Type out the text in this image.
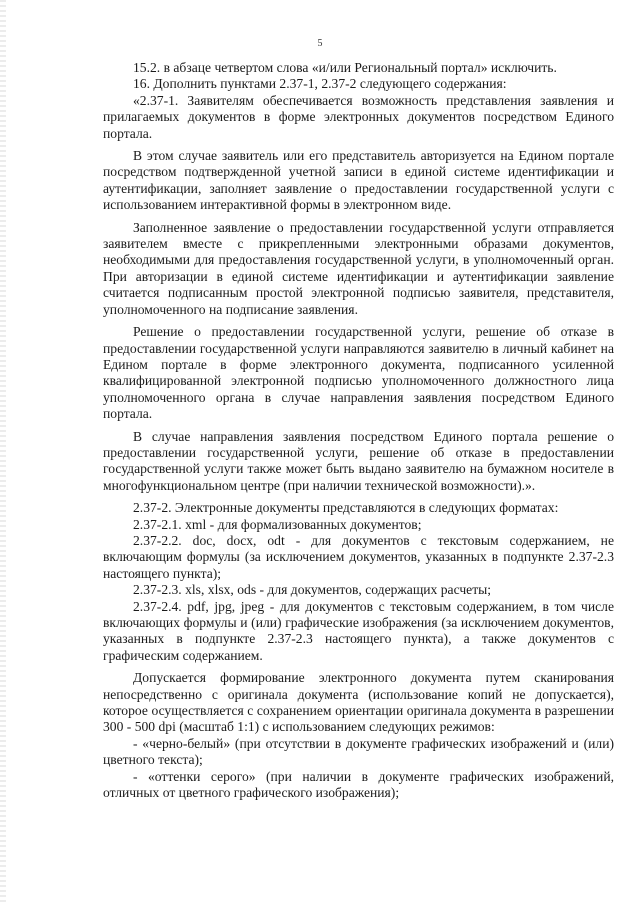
5

15.2. в абзаце четвертом слова «и/или Региональный портал» исключить.

16. Дополнить пунктами 2.37-1, 2.37-2 следующего содержания:

«2.37-1. Заявителям обеспечивается возможность представления заявления и прилагаемых документов в форме электронных документов посредством Единого портала.

В этом случае заявитель или его представитель авторизуется на Едином портале посредством подтвержденной учетной записи в единой системе идентификации и аутентификации, заполняет заявление о предоставлении государственной услуги с использованием интерактивной формы в электронном виде.

Заполненное заявление о предоставлении государственной услуги отправляется заявителем вместе с прикрепленными электронными образами документов, необходимыми для предоставления государственной услуги, в уполномоченный орган. При авторизации в единой системе идентификации и аутентификации заявление считается подписанным простой электронной подписью заявителя, представителя, уполномоченного на подписание заявления.

Решение о предоставлении государственной услуги, решение об отказе в предоставлении государственной услуги направляются заявителю в личный кабинет на Едином портале в форме электронного документа, подписанного усиленной квалифицированной электронной подписью уполномоченного должностного лица уполномоченного органа в случае направления заявления посредством Единого портала.

В случае направления заявления посредством Единого портала решение о предоставлении государственной услуги, решение об отказе в предоставлении государственной услуги также может быть выдано заявителю на бумажном носителе в многофункциональном центре (при наличии технической возможности).».

2.37-2. Электронные документы представляются в следующих форматах:

2.37-2.1. xml - для формализованных документов;

2.37-2.2. doc, docx, odt - для документов с текстовым содержанием, не включающим формулы (за исключением документов, указанных в подпункте 2.37-2.3 настоящего пункта);

2.37-2.3. xls, xlsx, ods - для документов, содержащих расчеты;

2.37-2.4. pdf, jpg, jpeg - для документов с текстовым содержанием, в том числе включающих формулы и (или) графические изображения (за исключением документов, указанных в подпункте 2.37-2.3 настоящего пункта), а также документов с графическим содержанием.

Допускается формирование электронного документа путем сканирования непосредственно с оригинала документа (использование копий не допускается), которое осуществляется с сохранением ориентации оригинала документа в разрешении 300 - 500 dpi (масштаб 1:1) с использованием следующих режимов:

- «черно-белый» (при отсутствии в документе графических изображений и (или) цветного текста);

- «оттенки серого» (при наличии в документе графических изображений, отличных от цветного графического изображения);
